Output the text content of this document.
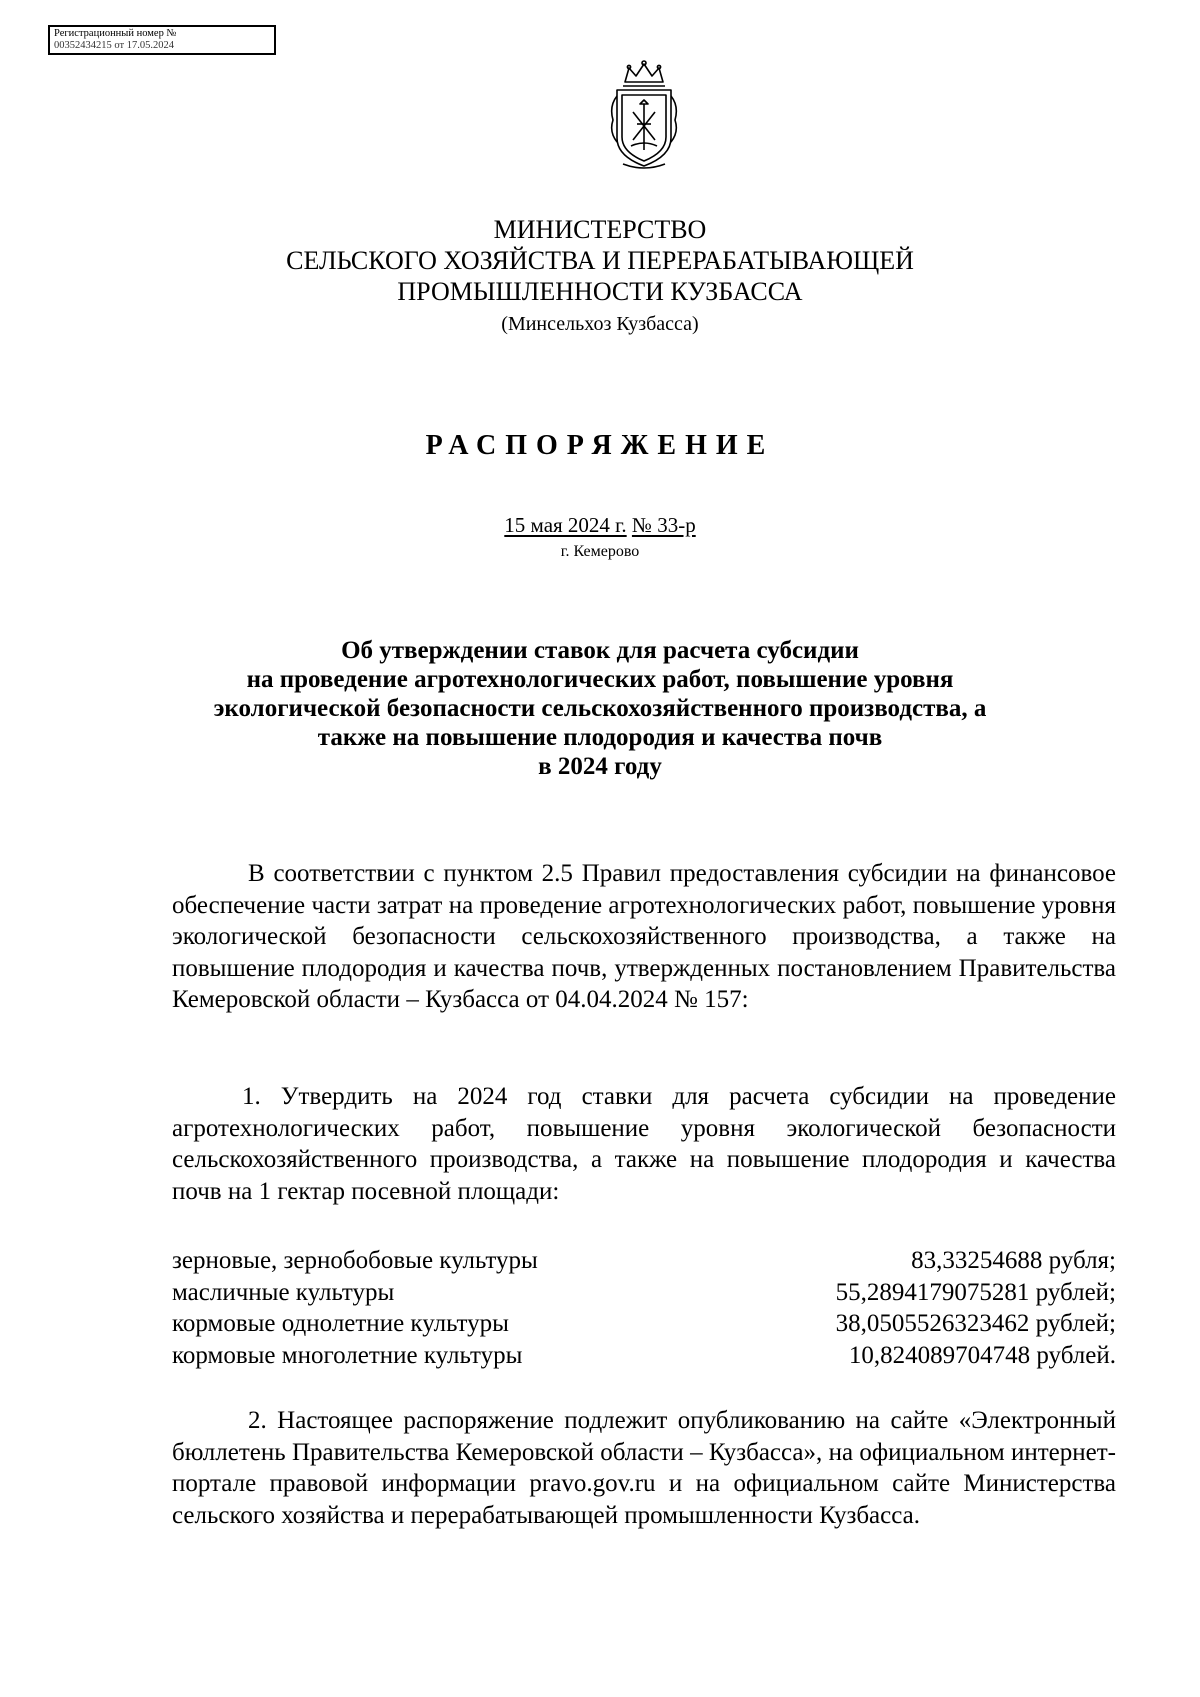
Регистрационный номер №
00352434215 от 17.05.2024
МИНИСТЕРСТВО
СЕЛЬСКОГО ХОЗЯЙСТВА И ПЕРЕРАБАТЫВАЮЩЕЙ
ПРОМЫШЛЕННОСТИ КУЗБАССА
(Минсельхоз Кузбасса)
РАСПОРЯЖЕНИЕ
15 мая 2024 г. № 33-р
г. Кемерово
Об утверждении ставок для расчета субсидии
на проведение агротехнологических работ, повышение уровня
экологической безопасности сельскохозяйственного производства, а
также на повышение плодородия и качества почв
в 2024 году

В соответствии с пунктом 2.5 Правил предоставления субсидии на финансовое обеспечение части затрат на проведение агротехнологических работ, повышение уровня экологической безопасности сельскохозяйственного производства, а также на повышение плодородия и качества почв, утвержденных постановлением Правительства Кемеровской области – Кузбасса от 04.04.2024 № 157:

1. Утвердить на 2024 год ставки для расчета субсидии на проведение агротехнологических работ, повышение уровня экологической безопасности сельскохозяйственного производства, а также на повышение плодородия и качества почв на 1 гектар посевной площади:

зерновые, зернобобовые культуры	83,33254688 рубля;
масличные культуры	55,2894179075281 рублей;
кормовые однолетние культуры	38,0505526323462 рублей;
кормовые многолетние культуры	10,824089704748 рублей.

2. Настоящее распоряжение подлежит опубликованию на сайте «Электронный бюллетень Правительства Кемеровской области – Кузбасса», на официальном интернет-портале правовой информации pravo.gov.ru и на официальном сайте Министерства сельского хозяйства и перерабатывающей промышленности Кузбасса.
